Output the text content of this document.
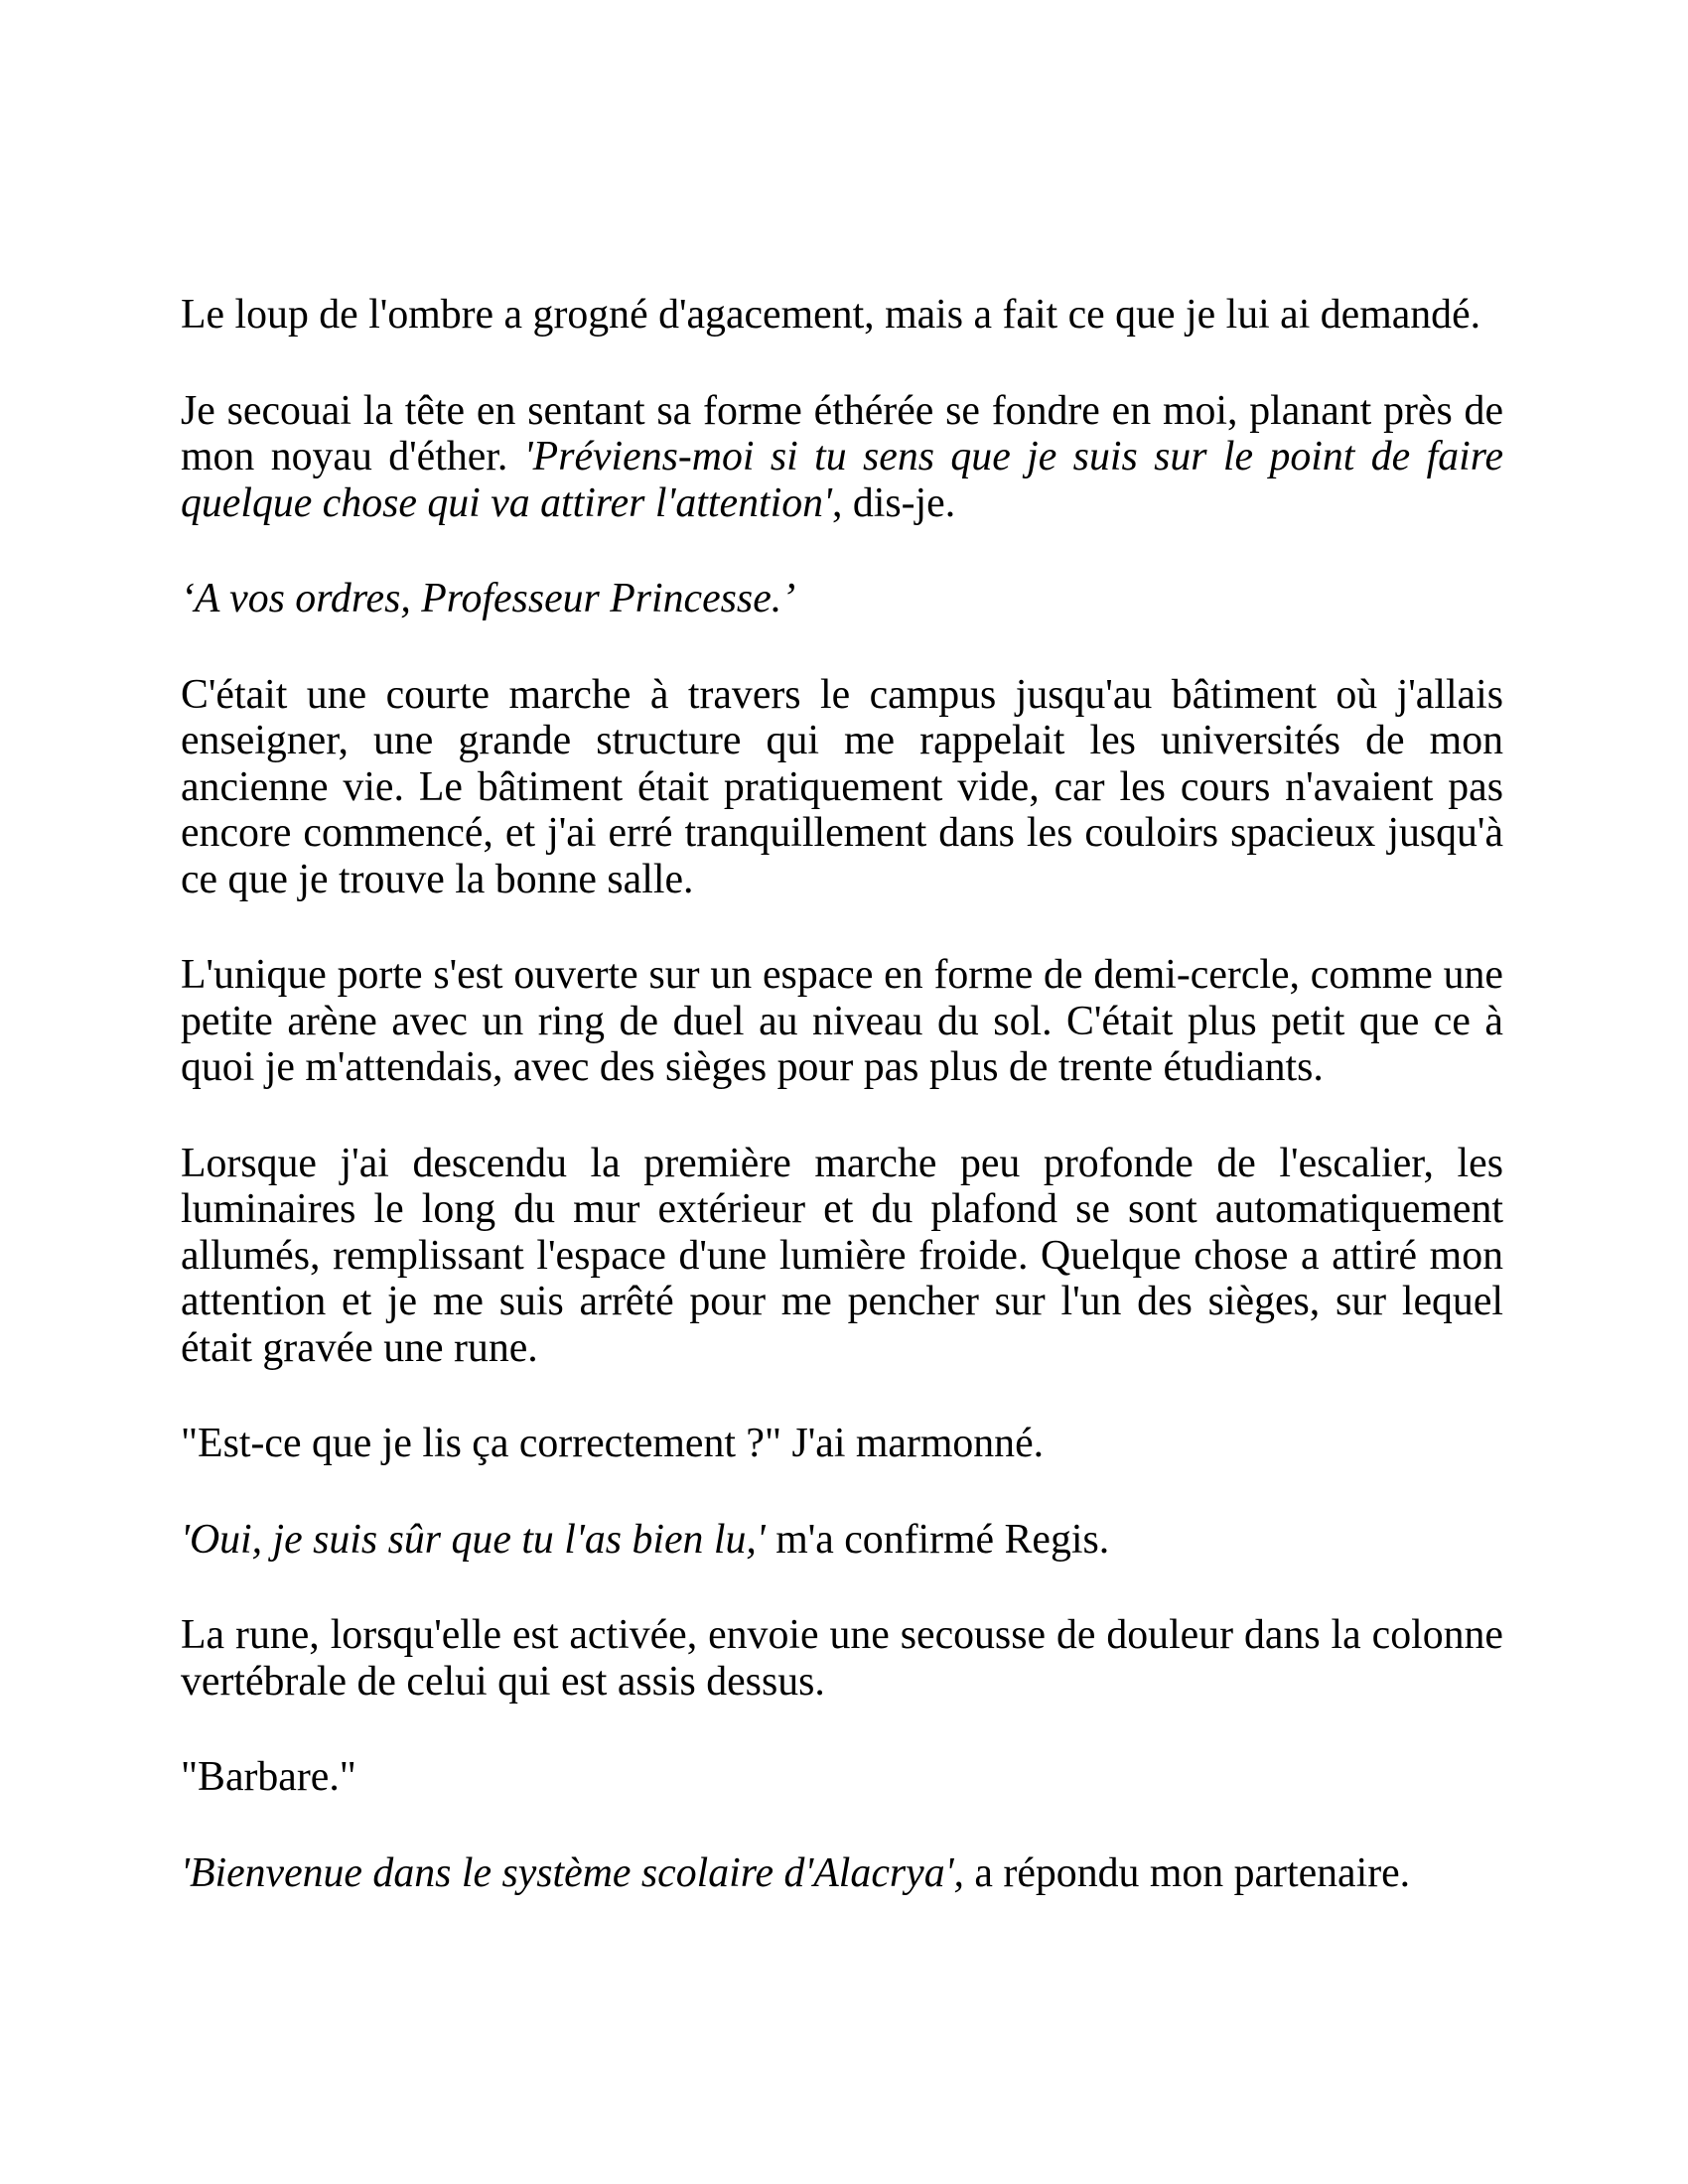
Le loup de l'ombre a grogné d'agacement, mais a fait ce que je lui ai demandé.

Je secouai la tête en sentant sa forme éthérée se fondre en moi, planant près de mon noyau d'éther. 'Préviens-moi si tu sens que je suis sur le point de faire quelque chose qui va attirer l'attention', dis-je.

‘A vos ordres, Professeur Princesse.’

C'était une courte marche à travers le campus jusqu'au bâtiment où j'allais enseigner, une grande structure qui me rappelait les universités de mon ancienne vie. Le bâtiment était pratiquement vide, car les cours n'avaient pas encore commencé, et j'ai erré tranquillement dans les couloirs spacieux jusqu'à ce que je trouve la bonne salle.

L'unique porte s'est ouverte sur un espace en forme de demi-cercle, comme une petite arène avec un ring de duel au niveau du sol. C'était plus petit que ce à quoi je m'attendais, avec des sièges pour pas plus de trente étudiants.

Lorsque j'ai descendu la première marche peu profonde de l'escalier, les luminaires le long du mur extérieur et du plafond se sont automatiquement allumés, remplissant l'espace d'une lumière froide. Quelque chose a attiré mon attention et je me suis arrêté pour me pencher sur l'un des sièges, sur lequel était gravée une rune.

"Est-ce que je lis ça correctement ?" J'ai marmonné.

'Oui, je suis sûr que tu l'as bien lu,' m'a confirmé Regis.

La rune, lorsqu'elle est activée, envoie une secousse de douleur dans la colonne vertébrale de celui qui est assis dessus.

"Barbare."

'Bienvenue dans le système scolaire d'Alacrya', a répondu mon partenaire.
